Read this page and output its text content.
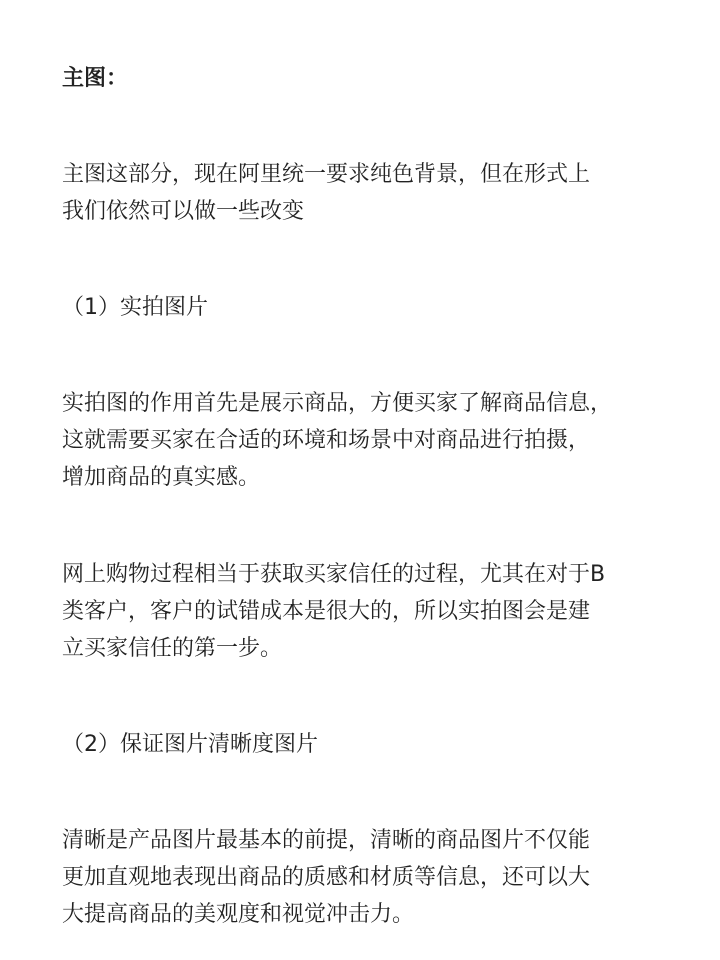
主图：

主图这部分，现在阿里统一要求纯色背景，但在形式上
我们依然可以做一些改变

（1）实拍图片

实拍图的作用首先是展示商品，方便买家了解商品信息，
这就需要买家在合适的环境和场景中对商品进行拍摄，
增加商品的真实感。

网上购物过程相当于获取买家信任的过程，尤其在对于B
类客户，客户的试错成本是很大的，所以实拍图会是建
立买家信任的第一步。

（2）保证图片清晰度图片

清晰是产品图片最基本的前提，清晰的商品图片不仅能
更加直观地表现出商品的质感和材质等信息，还可以大
大提高商品的美观度和视觉冲击力。
